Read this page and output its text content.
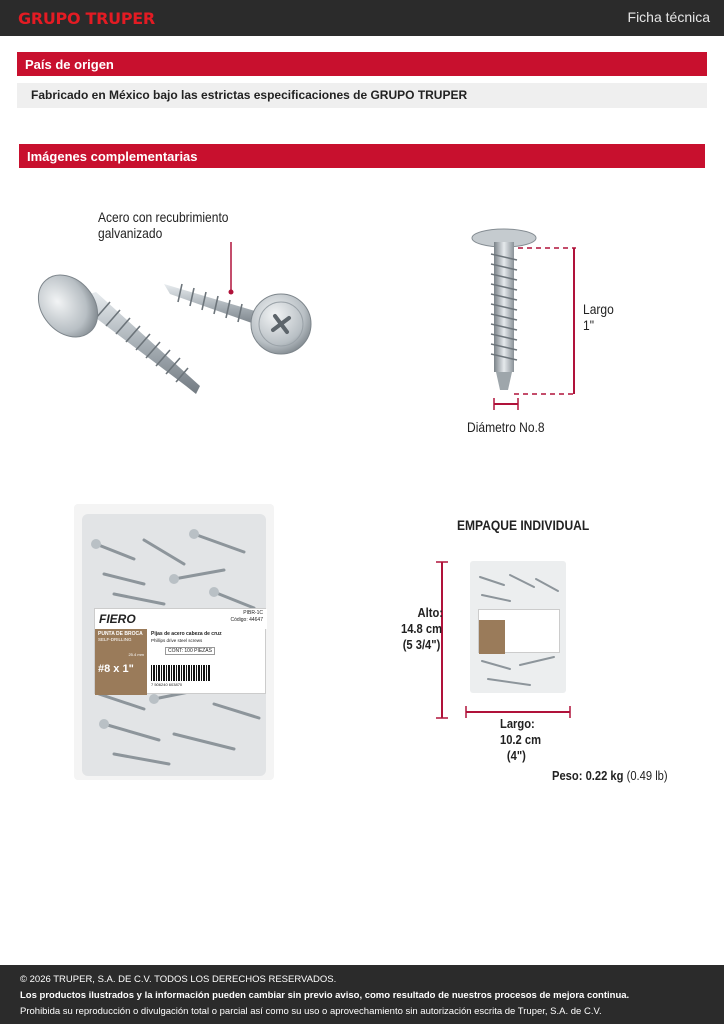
GRUPO TRUPER	Ficha técnica
País de origen
Fabricado en México bajo las estrictas especificaciones de GRUPO TRUPER
Imágenes complementarias
Acero con recubrimiento
galvanizado
Largo
1"
Diámetro No.8
FIERO	PIBR-1C
Código: 44647
PUNTA DE BROCA
SELF-DRILLING
25.4 mm
#8 x 1"
Pijas de acero cabeza de cruz
Phillips drive steel screws
CONT: 100 PIEZAS
7 506240 603870
EMPAQUE INDIVIDUAL
Alto:
14.8 cm
(5 3/4")
Largo:
10.2 cm
(4")
Peso: 0.22 kg (0.49 lb)
© 2026 TRUPER, S.A. DE C.V. TODOS LOS DERECHOS RESERVADOS.
Los productos ilustrados y la información pueden cambiar sin previo aviso, como resultado de nuestros procesos de mejora continua.
Prohibida su reproducción o divulgación total o parcial así como su uso o aprovechamiento sin autorización escrita de Truper, S.A. de C.V.
